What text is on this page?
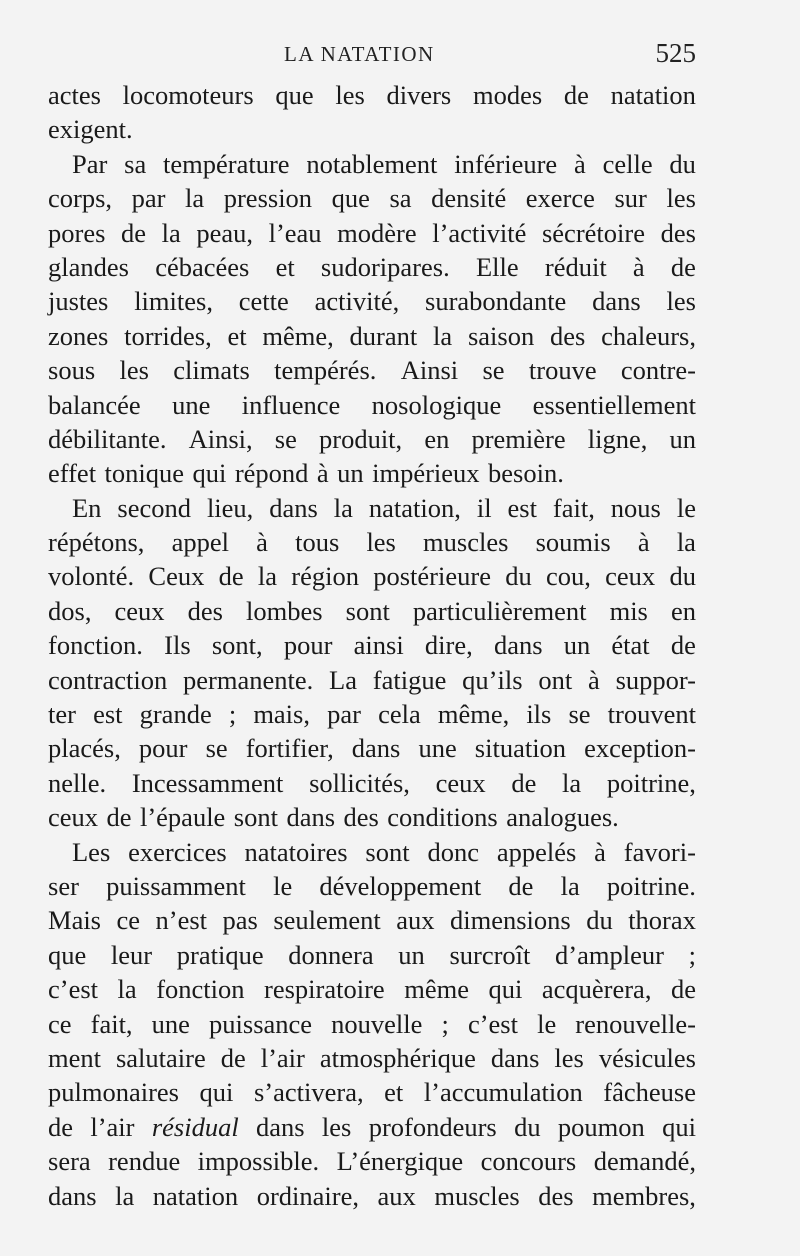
LA NATATION	525
actes locomoteurs que les divers modes de natation
exigent.
Par sa température notablement inférieure à celle du
corps, par la pression que sa densité exerce sur les
pores de la peau, l’eau modère l’activité sécrétoire des
glandes cébacées et sudoripares. Elle réduit à de
justes limites, cette activité, surabondante dans les
zones torrides, et même, durant la saison des chaleurs,
sous les climats tempérés. Ainsi se trouve contre-
balancée une influence nosologique essentiellement
débilitante. Ainsi, se produit, en première ligne, un
effet tonique qui répond à un impérieux besoin.
En second lieu, dans la natation, il est fait, nous le
répétons, appel à tous les muscles soumis à la
volonté. Ceux de la région postérieure du cou, ceux du
dos, ceux des lombes sont particulièrement mis en
fonction. Ils sont, pour ainsi dire, dans un état de
contraction permanente. La fatigue qu’ils ont à suppor-
ter est grande ; mais, par cela même, ils se trouvent
placés, pour se fortifier, dans une situation exception-
nelle. Incessamment sollicités, ceux de la poitrine,
ceux de l’épaule sont dans des conditions analogues.
Les exercices natatoires sont donc appelés à favori-
ser puissamment le développement de la poitrine.
Mais ce n’est pas seulement aux dimensions du thorax
que leur pratique donnera un surcroît d’ampleur ;
c’est la fonction respiratoire même qui acquèrera, de
ce fait, une puissance nouvelle ; c’est le renouvelle-
ment salutaire de l’air atmosphérique dans les vésicules
pulmonaires qui s’activera, et l’accumulation fâcheuse
de l’air résidual dans les profondeurs du poumon qui
sera rendue impossible. L’énergique concours demandé,
dans la natation ordinaire, aux muscles des membres,
